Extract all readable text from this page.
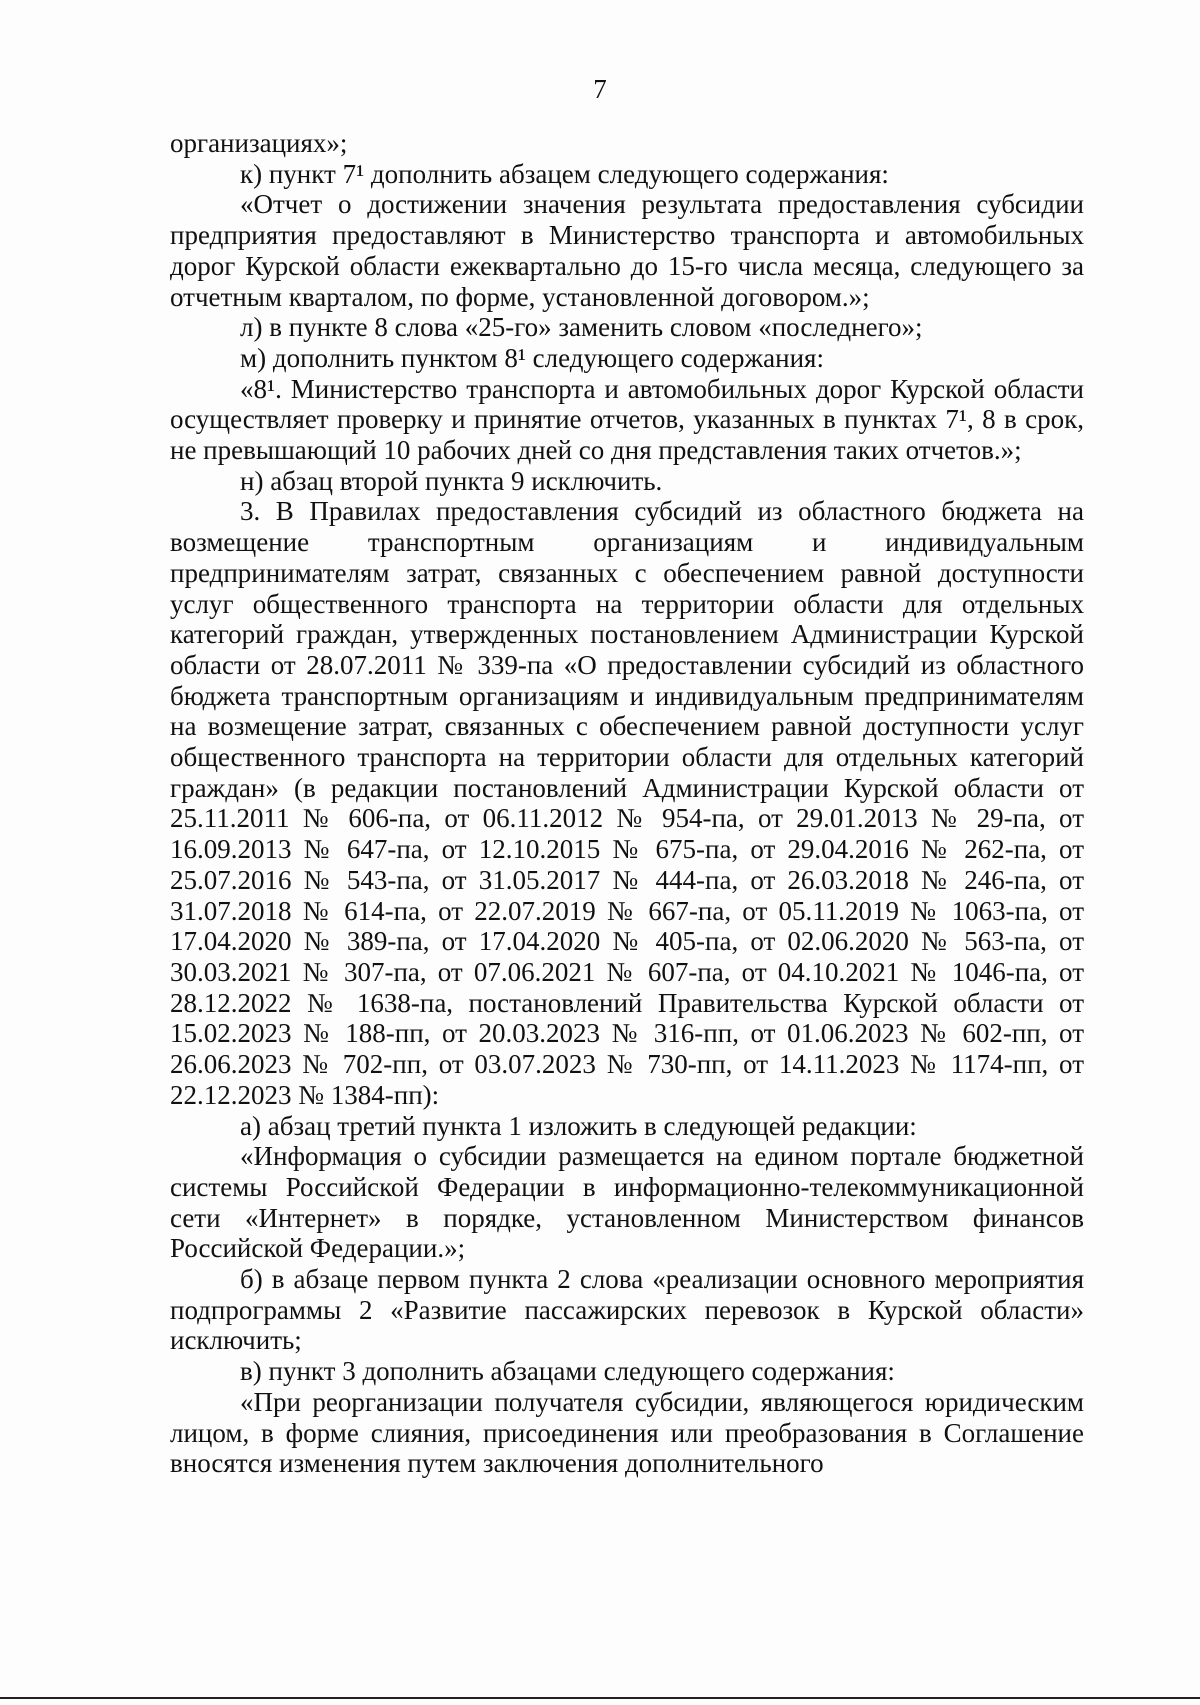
7

организациях»;

к) пункт 7¹ дополнить абзацем следующего содержания:

«Отчет о достижении значения результата предоставления субсидии предприятия предоставляют в Министерство транспорта и автомобильных дорог Курской области ежеквартально до 15-го числа месяца, следующего за отчетным кварталом, по форме, установленной договором.»;

л) в пункте 8 слова «25-го» заменить словом «последнего»;

м) дополнить пунктом 8¹ следующего содержания:

«8¹. Министерство транспорта и автомобильных дорог Курской области осуществляет проверку и принятие отчетов, указанных в пунктах 7¹, 8 в срок, не превышающий 10 рабочих дней со дня представления таких отчетов.»;

н) абзац второй пункта 9 исключить.

3. В Правилах предоставления субсидий из областного бюджета на возмещение транспортным организациям и индивидуальным предпринимателям затрат, связанных с обеспечением равной доступности услуг общественного транспорта на территории области для отдельных категорий граждан, утвержденных постановлением Администрации Курской области от 28.07.2011 № 339-па «О предоставлении субсидий из областного бюджета транспортным организациям и индивидуальным предпринимателям на возмещение затрат, связанных с обеспечением равной доступности услуг общественного транспорта на территории области для отдельных категорий граждан» (в редакции постановлений Администрации Курской области от 25.11.2011 № 606-па, от 06.11.2012 № 954-па, от 29.01.2013 № 29-па, от 16.09.2013 № 647-па, от 12.10.2015 № 675-па, от 29.04.2016 № 262-па, от 25.07.2016 № 543-па, от 31.05.2017 № 444-па, от 26.03.2018 № 246-па, от 31.07.2018 № 614-па, от 22.07.2019 № 667-па, от 05.11.2019 № 1063-па, от 17.04.2020 № 389-па, от 17.04.2020 № 405-па, от 02.06.2020 № 563-па, от 30.03.2021 № 307-па, от 07.06.2021 № 607-па, от 04.10.2021 № 1046-па, от 28.12.2022 № 1638-па, постановлений Правительства Курской области от 15.02.2023 № 188-пп, от 20.03.2023 № 316-пп, от 01.06.2023 № 602-пп, от 26.06.2023 № 702-пп, от 03.07.2023 № 730-пп, от 14.11.2023 № 1174-пп, от 22.12.2023 № 1384-пп):

а) абзац третий пункта 1 изложить в следующей редакции:

«Информация о субсидии размещается на едином портале бюджетной системы Российской Федерации в информационно-телекоммуникационной сети «Интернет» в порядке, установленном Министерством финансов Российской Федерации.»;

б) в абзаце первом пункта 2 слова «реализации основного мероприятия подпрограммы 2 «Развитие пассажирских перевозок в Курской области» исключить;

в) пункт 3 дополнить абзацами следующего содержания:

«При реорганизации получателя субсидии, являющегося юридическим лицом, в форме слияния, присоединения или преобразования в Соглашение вносятся изменения путем заключения дополнительного
